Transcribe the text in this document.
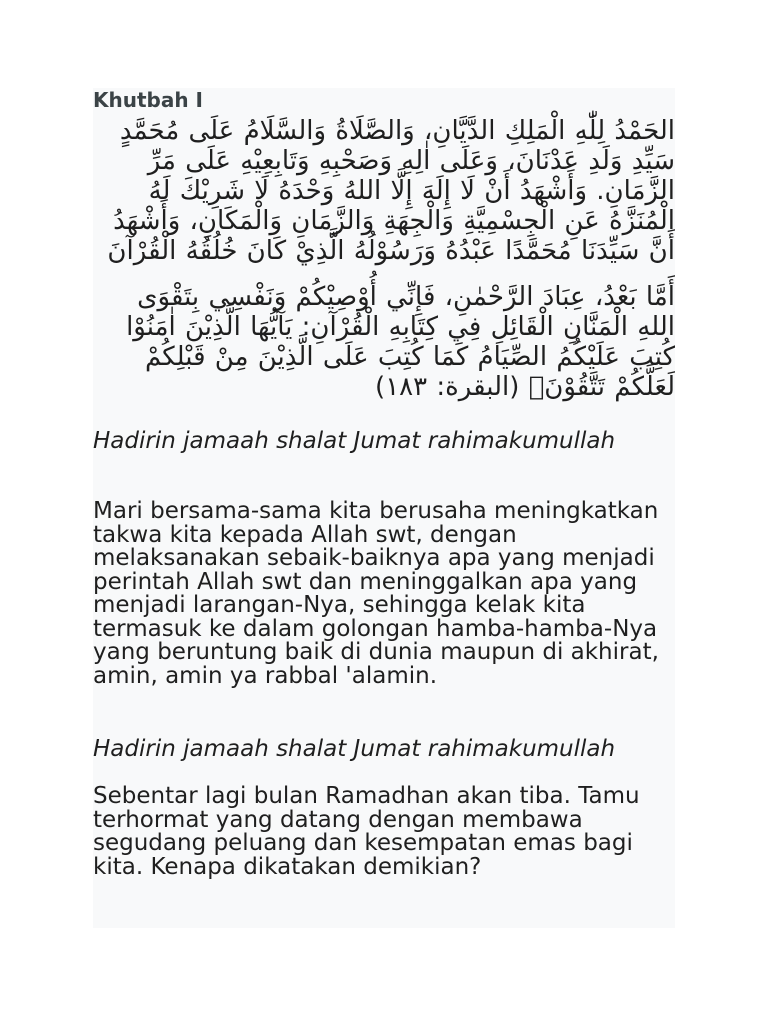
Khutbah I
الحَمْدُ لِلّٰهِ الْمَلِكِ الدَّيَّانِ، وَالصَّلَاةُ وَالسَّلَامُ عَلَى مُحَمَّدٍ سَيِّدِ وَلَدِ عَدْنَانَ، وَعَلَى اٰلِهِ وَصَحْبِهِ وَتَابِعِيْهِ عَلَى مَرِّ الزَّمَانِ. وَأَشْهَدُ أَنْ لَا إِلَهَ إِلَّا اللهُ وَحْدَهُ لَا شَرِيْكَ لَهُ الْمُنَزَّهُ عَنِ الْجِسْمِيَّةِ وَالْجِهَةِ وَالزَّمَانِ وَالْمَكَانِ، وَأَشْهَدُ أَنَّ سَيِّدَنَا مُحَمَّدًا عَبْدُهُ وَرَسُوْلُهُ الَّذِيْ كَانَ خُلُقُهُ الْقُرْآنَ
أَمَّا بَعْدُ، عِبَادَ الرَّحْمٰنِ، فَإِنِّي أُوْصِيْكُمْ وَنَفْسِي بِتَقْوَى اللهِ الْمَنَّانِ الْقَائِلِ فِي كِتَابِهِ الْقُرْآنِ: يَآيُّهَا الَّذِيْنَ اٰمَنُوْا كُتِبَ عَلَيْكُمُ الصِّيَامُ كَمَا كُتِبَ عَلَى الَّذِيْنَ مِنْ قَبْلِكُمْ لَعَلَّكُمْ تَتَّقُوْنَۙ (البقرة: ١٨٣)
Hadirin jamaah shalat Jumat rahimakumullah
Mari bersama-sama kita berusaha meningkatkan takwa kita kepada Allah swt, dengan melaksanakan sebaik-baiknya apa yang menjadi perintah Allah swt dan meninggalkan apa yang menjadi larangan-Nya, sehingga kelak kita termasuk ke dalam golongan hamba-hamba-Nya yang beruntung baik di dunia maupun di akhirat, amin, amin ya rabbal 'alamin.
Hadirin jamaah shalat Jumat rahimakumullah
Sebentar lagi bulan Ramadhan akan tiba. Tamu terhormat yang datang dengan membawa segudang peluang dan kesempatan emas bagi kita. Kenapa dikatakan demikian?
